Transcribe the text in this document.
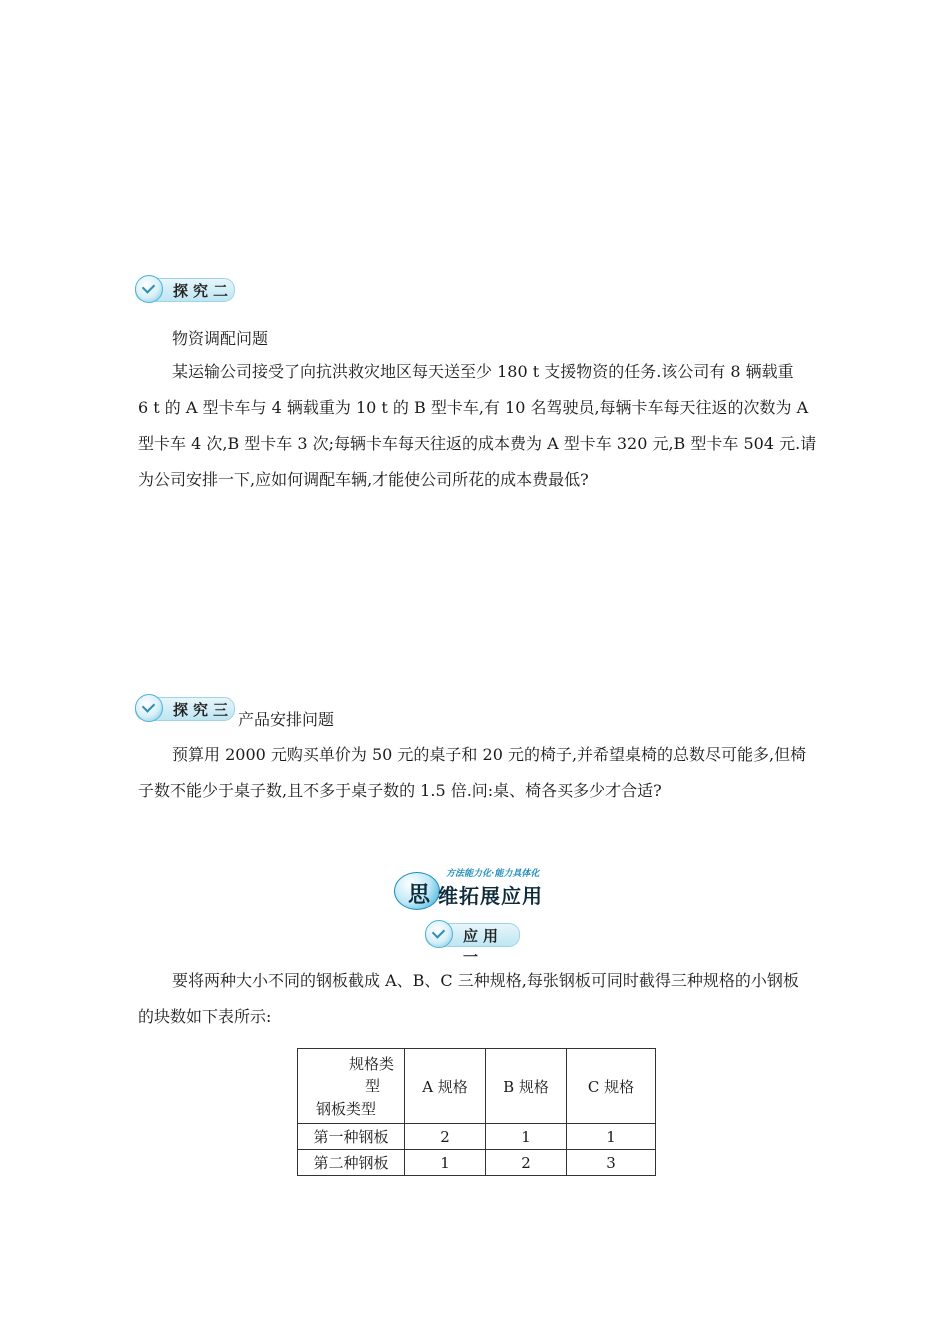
探究二

物资调配问题

某运输公司接受了向抗洪救灾地区每天送至少 180 t 支援物资的任务.该公司有 8 辆载重
6 t 的 A 型卡车与 4 辆载重为 10 t 的 B 型卡车,有 10 名驾驶员,每辆卡车每天往返的次数为 A
型卡车 4 次,B 型卡车 3 次;每辆卡车每天往返的成本费为 A 型卡车 320 元,B 型卡车 504 元.请
为公司安排一下,应如何调配车辆,才能使公司所花的成本费最低?
探究三 产品安排问题

预算用 2000 元购买单价为 50 元的桌子和 20 元的椅子,并希望桌椅的总数尽可能多,但椅
子数不能少于桌子数,且不多于桌子数的 1.5 倍.问:桌、椅各买多少才合适?
思
方法能力化·能力具体化
维拓展应用
应用一
要将两种大小不同的钢板截成 A、B、C 三种规格,每张钢板可同时截得三种规格的小钢板
的块数如下表所示:
规格类
型
钢板类型	A 规格	B 规格	C 规格
第一种钢板	2	1	1
第二种钢板	1	2	3
